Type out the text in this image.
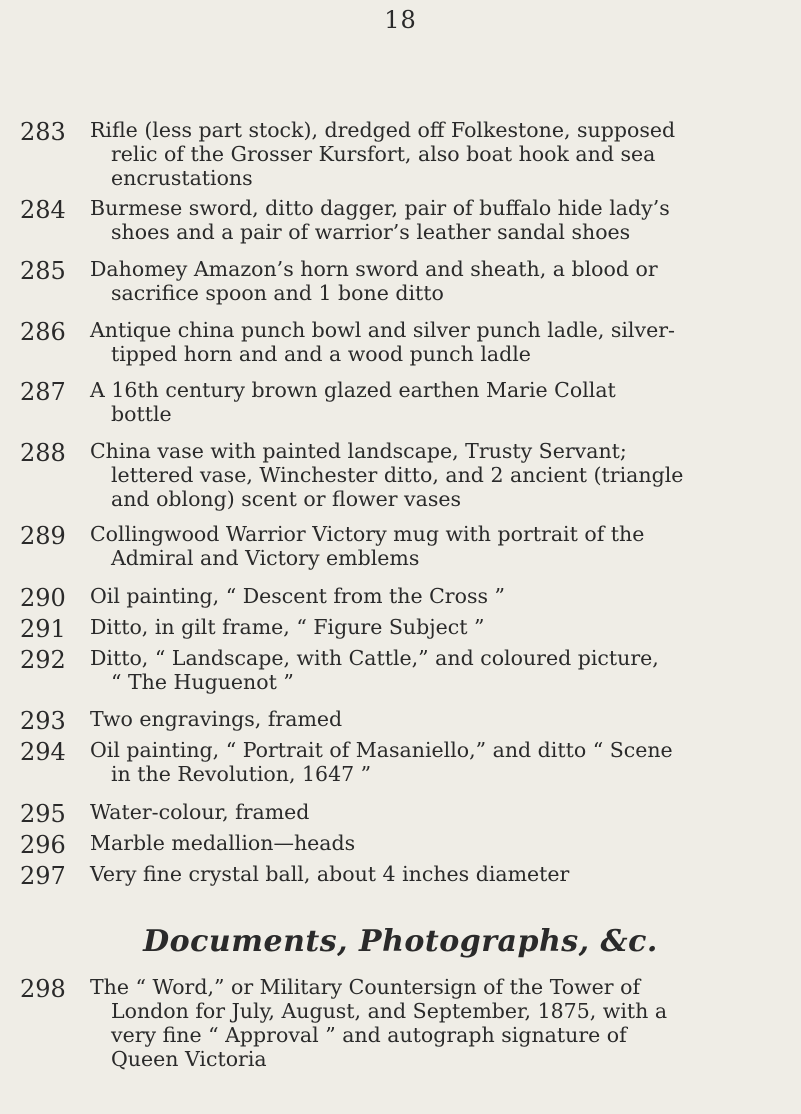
18
283 Rifle (less part stock), dredged off Folkestone, supposed
relic of the Grosser Kursfort, also boat hook and sea
encrustations
284 Burmese sword, ditto dagger, pair of buffalo hide lady’s
shoes and a pair of warrior’s leather sandal shoes
285 Dahomey Amazon’s horn sword and sheath, a blood or
sacrifice spoon and 1 bone ditto
286 Antique china punch bowl and silver punch ladle, silver-
tipped horn and and a wood punch ladle
287 A 16th century brown glazed earthen Marie Collat
bottle
288 China vase with painted landscape, Trusty Servant;
lettered vase, Winchester ditto, and 2 ancient (triangle
and oblong) scent or flower vases
289 Collingwood Warrior Victory mug with portrait of the
Admiral and Victory emblems
290 Oil painting, “ Descent from the Cross ”
291 Ditto, in gilt frame, “ Figure Subject ”
292 Ditto, “ Landscape, with Cattle,” and coloured picture,
“ The Huguenot ”
293 Two engravings, framed
294 Oil painting, “ Portrait of Masaniello,” and ditto “ Scene
in the Revolution, 1647 ”
295 Water-colour, framed
296 Marble medallion—heads
297 Very fine crystal ball, about 4 inches diameter
Documents, Photographs, &c.
298 The “ Word,” or Military Countersign of the Tower of
London for July, August, and September, 1875, with a
very fine “ Approval ” and autograph signature of
Queen Victoria
